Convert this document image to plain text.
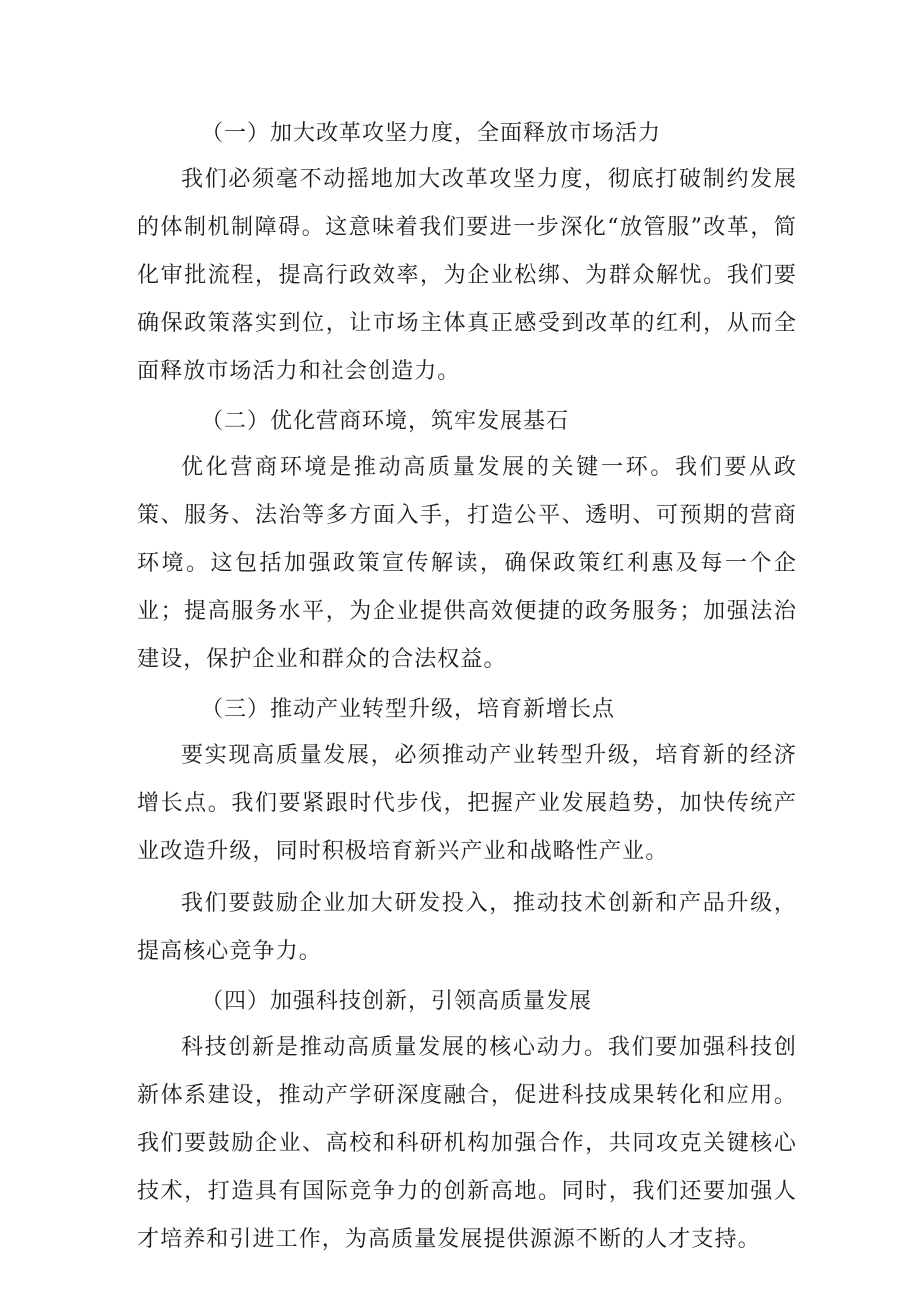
（一）加大改革攻坚力度，全面释放市场活力

我们必须毫不动摇地加大改革攻坚力度，彻底打破制约发展的体制机制障碍。这意味着我们要进一步深化“放管服”改革，简化审批流程，提高行政效率，为企业松绑、为群众解忧。我们要确保政策落实到位，让市场主体真正感受到改革的红利，从而全面释放市场活力和社会创造力。

（二）优化营商环境，筑牢发展基石

优化营商环境是推动高质量发展的关键一环。我们要从政策、服务、法治等多方面入手，打造公平、透明、可预期的营商环境。这包括加强政策宣传解读，确保政策红利惠及每一个企业；提高服务水平，为企业提供高效便捷的政务服务；加强法治建设，保护企业和群众的合法权益。

（三）推动产业转型升级，培育新增长点

要实现高质量发展，必须推动产业转型升级，培育新的经济增长点。我们要紧跟时代步伐，把握产业发展趋势，加快传统产业改造升级，同时积极培育新兴产业和战略性产业。

我们要鼓励企业加大研发投入，推动技术创新和产品升级，提高核心竞争力。

（四）加强科技创新，引领高质量发展

科技创新是推动高质量发展的核心动力。我们要加强科技创新体系建设，推动产学研深度融合，促进科技成果转化和应用。我们要鼓励企业、高校和科研机构加强合作，共同攻克关键核心技术，打造具有国际竞争力的创新高地。同时，我们还要加强人才培养和引进工作，为高质量发展提供源源不断的人才支持。
